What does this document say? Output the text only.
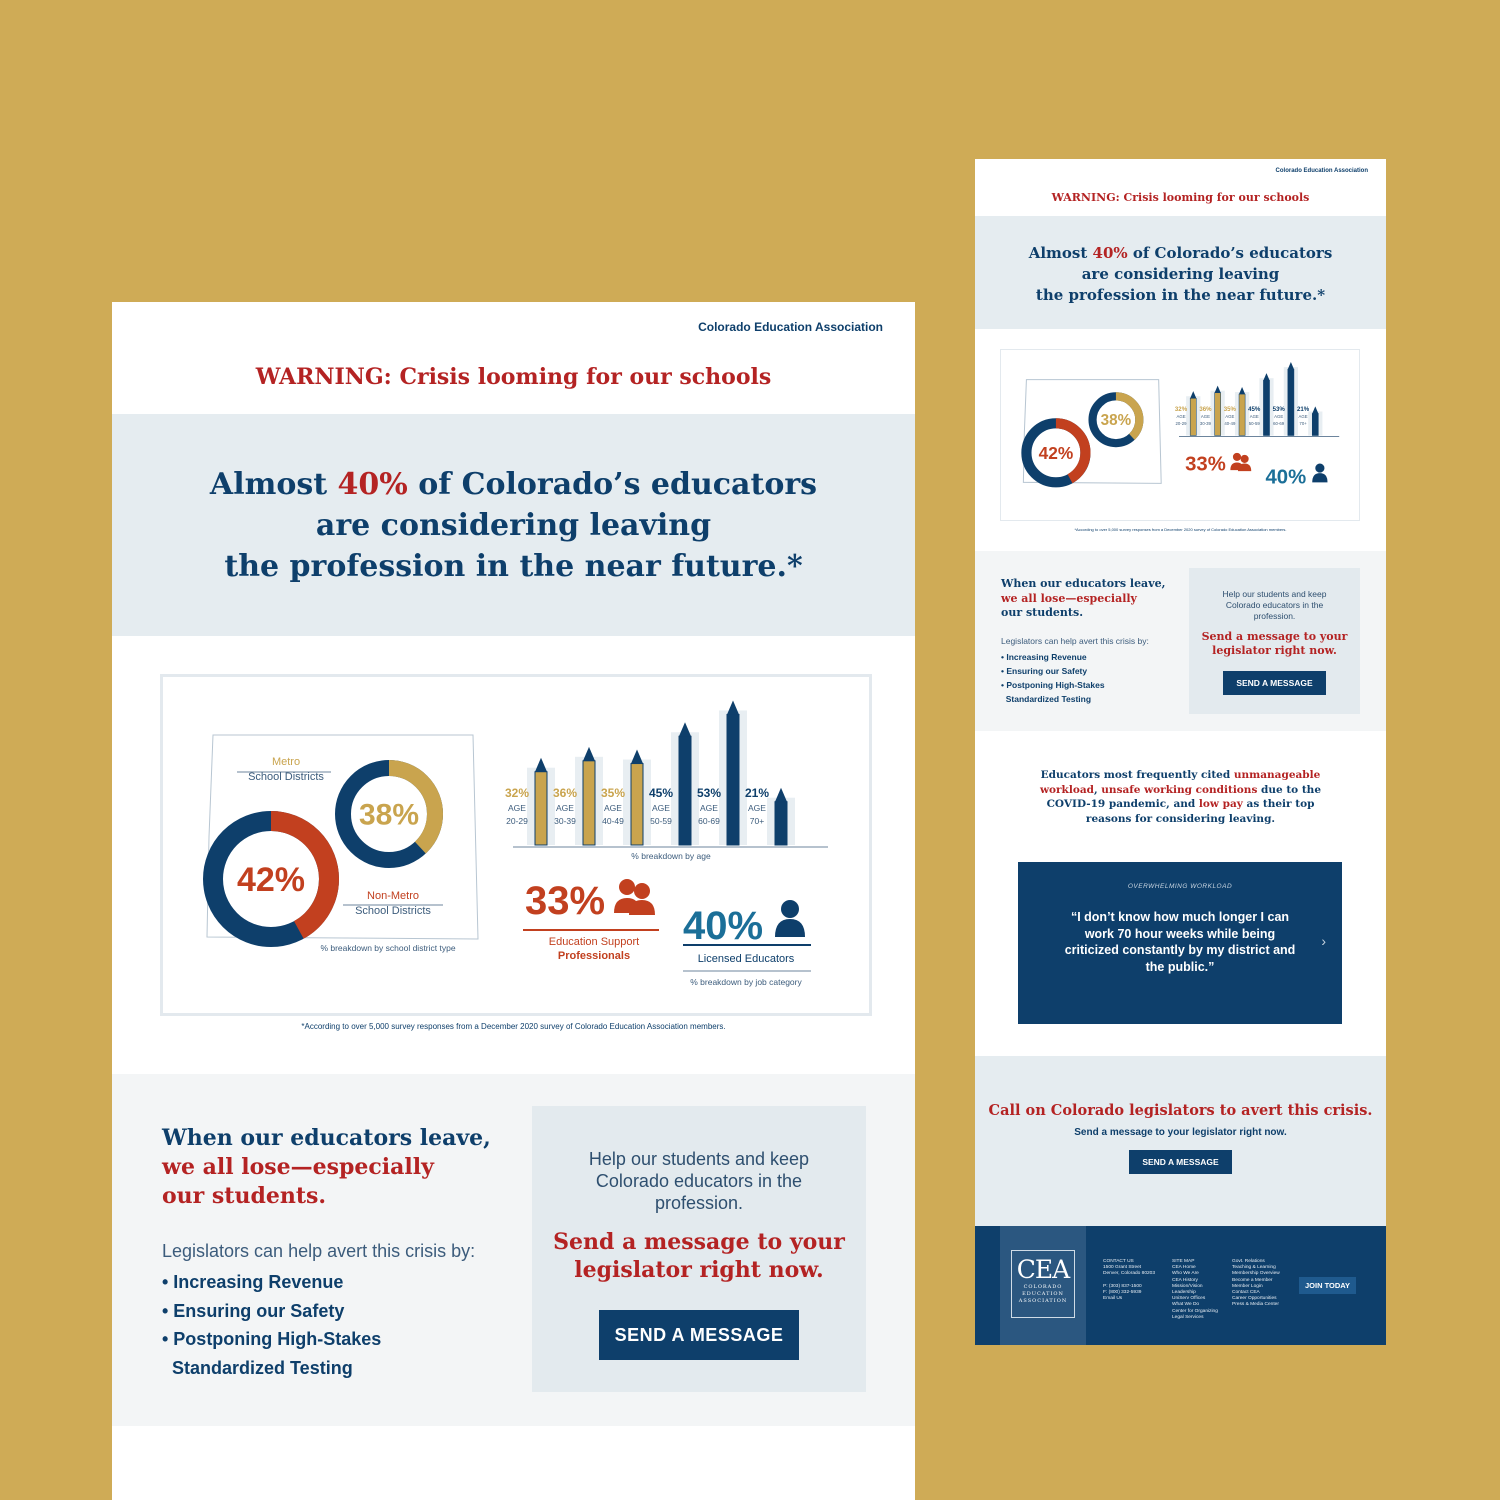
Colorado Education Association
WARNING: Crisis looming for our schools
Almost 40% of Colorado’s educators
are considering leaving
the profession in the near future.*
Metro
School Districts
Non-Metro
School Districts
38%
42%
% breakdown by school district type
32%
AGE
20-29
36%
AGE
30-39
35%
AGE
40-49
45%
AGE
50-59
53%
AGE
60-69
21%
AGE
70+
% breakdown by age
33%
Education Support
Professionals
40%
Licensed Educators
% breakdown by job category
*According to over 5,000 survey responses from a December 2020 survey of Colorado Education Association members.
When our educators leave,
we all lose—especially
our students.
Legislators can help avert this crisis by:
• Increasing Revenue
• Ensuring our Safety
• Postponing High-Stakes
Standardized Testing
Help our students and keep Colorado educators in the profession.
Send a message to your
legislator right now.
SEND A MESSAGE
Colorado Education Association
WARNING: Crisis looming for our schools
Almost 40% of Colorado’s educators
are considering leaving
the profession in the near future.*
38%
42%
32%
AGE
20-29
36%
AGE
30-39
35%
AGE
40-49
45%
AGE
50-59
53%
AGE
60-69
21%
AGE
70+
33%
40%
*According to over 5,000 survey responses from a December 2020 survey of Colorado Education Association members.
When our educators leave,
we all lose—especially
our students.
Legislators can help avert this crisis by:
• Increasing Revenue
• Ensuring our Safety
• Postponing High-Stakes
Standardized Testing
Help our students and keep Colorado educators in the profession.
Send a message to your
legislator right now.
SEND A MESSAGE
Educators most frequently cited unmanageable workload, unsafe working conditions due to the COVID-19 pandemic, and low pay as their top reasons for considering leaving.
OVERWHELMING WORKLOAD
“I don’t know how much longer I can work 70 hour weeks while being criticized constantly by my district and the public.”
›
Call on Colorado legislators to avert this crisis.
Send a message to your legislator right now.
SEND A MESSAGE
CEA
COLORADO
EDUCATION
ASSOCIATION
CONTACT US
1500 Grant Street
Denver, Colorado 80203

P: (303) 837-1500
F: (800) 332-5939
Email Us
SITE MAP
CEA Home
Who We Are
CEA History
Mission/Vision
Leadership
UniServ Offices
What We Do
Center for Organizing
Legal Services
Govt. Relations
Teaching & Learning
Membership Overview
Become a Member
Member Login
Contact CEA
Career Opportunities
Press & Media Center
JOIN TODAY
